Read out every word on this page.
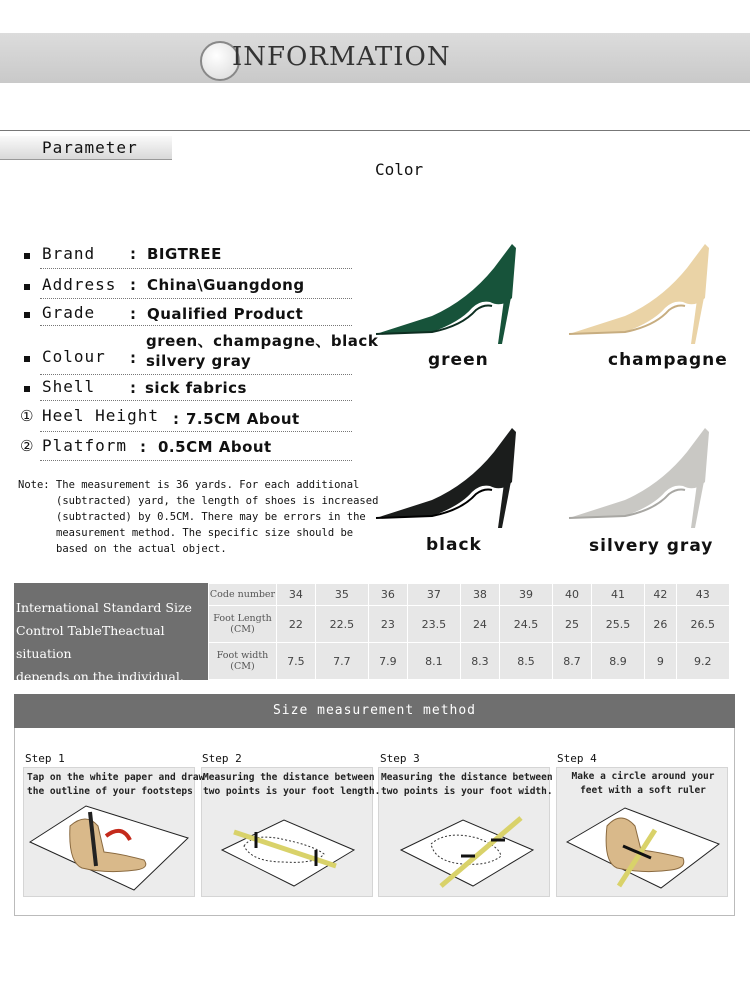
INFORMATION
Parameter
Color
Brand : BIGTREE
Address : China\Guangdong
Grade : Qualified Product
Colour :
green、champagne、black
silvery gray
Shell : sick fabrics
① Heel Height : 7.5CM About
② Platform : 0.5CM About
Note: The measurement is 36 yards. For each additional
(subtracted) yard, the length of shoes is increased
(subtracted) by 0.5CM. There may be errors in the
measurement method. The specific size should be
based on the actual object.
green	champagne
black	silvery gray
International Standard Size
Control TableTheactual situation
depends on the individual.
Code number	34	35	36	37	38	39	40	41	42	43
Foot Length (CM)	22	22.5	23	23.5	24	24.5	25	25.5	26	26.5
Foot width (CM)	7.5	7.7	7.9	8.1	8.3	8.5	8.7	8.9	9	9.2
Size measurement method
Step 1	Step 2	Step 3	Step 4
Tap on the white paper and draw
the outline of your footsteps
Measuring the distance between
two points is your foot length.
Measuring the distance between
two points is your foot width.
Make a circle around your
feet with a soft ruler
